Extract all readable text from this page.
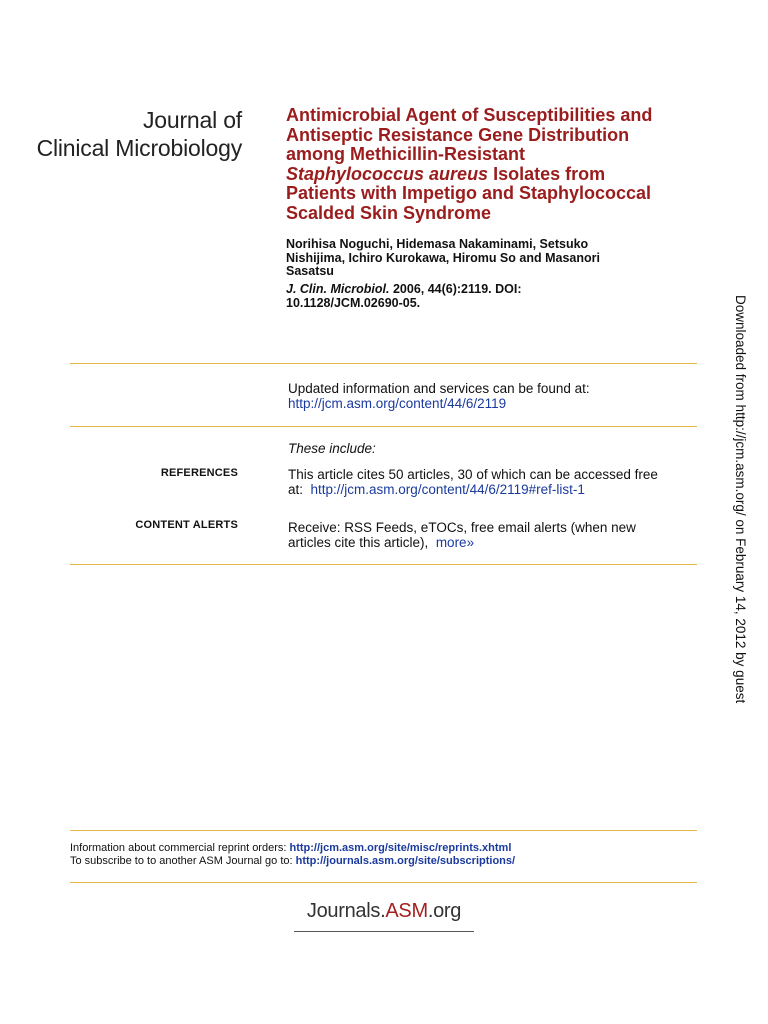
Journal of
Clinical Microbiology
Antimicrobial Agent of Susceptibilities and
Antiseptic Resistance Gene Distribution
among Methicillin-Resistant
Staphylococcus aureus Isolates from
Patients with Impetigo and Staphylococcal
Scalded Skin Syndrome
Norihisa Noguchi, Hidemasa Nakaminami, Setsuko
Nishijima, Ichiro Kurokawa, Hiromu So and Masanori
Sasatsu
J. Clin. Microbiol. 2006, 44(6):2119. DOI:
10.1128/JCM.02690-05.
Updated information and services can be found at:
http://jcm.asm.org/content/44/6/2119
These include:
REFERENCES	This article cites 50 articles, 30 of which can be accessed free
at: http://jcm.asm.org/content/44/6/2119#ref-list-1
CONTENT ALERTS	Receive: RSS Feeds, eTOCs, free email alerts (when new
articles cite this article), more»
Information about commercial reprint orders: http://jcm.asm.org/site/misc/reprints.xhtml
To subscribe to to another ASM Journal go to: http://journals.asm.org/site/subscriptions/
Journals.ASM.org
Downloaded from http://jcm.asm.org/ on February 14, 2012 by guest
